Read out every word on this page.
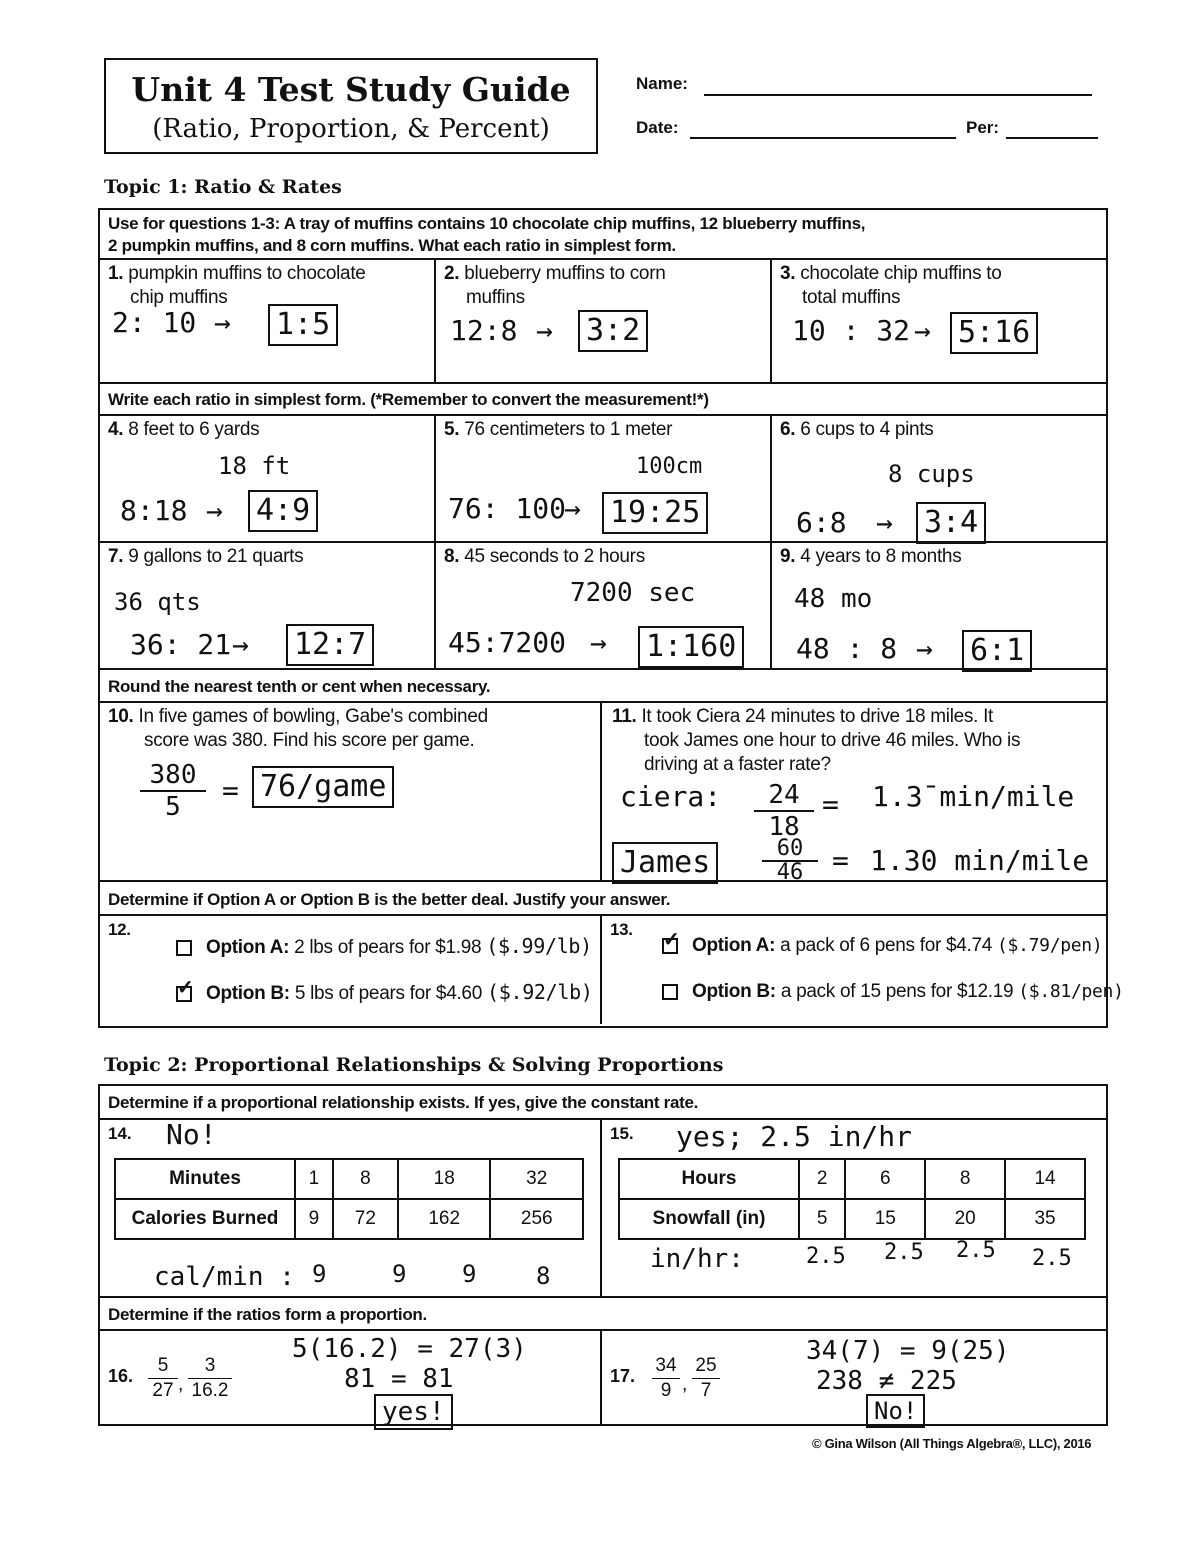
Unit 4 Test Study Guide
(Ratio, Proportion, & Percent)
Name:
Date:	Per:
Topic 1: Ratio & Rates
Use for questions 1-3: A tray of muffins contains 10 chocolate chip muffins, 12 blueberry muffins,
2 pumpkin muffins, and 8 corn muffins. What each ratio in simplest form.
1. pumpkin muffins to chocolate
chip muffins
2: 10 → 1:5
2. blueberry muffins to corn
muffins
12:8 → 3:2
3. chocolate chip muffins to
total muffins
10 : 32 → 5:16
Write each ratio in simplest form. (*Remember to convert the measurement!*)
4. 8 feet to 6 yards
18 ft
8:18 → 4:9
5. 76 centimeters to 1 meter
100cm
76: 100
→ 19:25
6. 6 cups to 4 pints
8 cups
6:8 → 3:4
7. 9 gallons to 21 quarts
36 qts
36: 21 → 12:7
8. 45 seconds to 2 hours
7200 sec
45:7200 → 1:160
9. 4 years to 8 months
48 mo
48 : 8 → 6:1
Round the nearest tenth or cent when necessary.
10. In five games of bowling, Gabe's combined
score was 380. Find his score per game.
$\frac{380}{5}$ = 76/game
11. It took Ciera 24 minutes to drive 18 miles. It
took James one hour to drive 46 miles. Who is
driving at a faster rate?
ciera: $\frac{24}{18}$ = 1.3̄ min/mile
James	$\frac{60}{46} = 1.30$ min/mile
Determine if Option A or Option B is the better deal. Justify your answer.
12.
Option A: 2 lbs of pears for $1.98 ($.99/lb)
✓ Option B: 5 lbs of pears for $4.60 ($.92/lb)
13. ✓ Option A: a pack of 6 pens for $4.74 ($.79/pen)
Option B: a pack of 15 pens for $12.19 ($.81/pen)
Topic 2: Proportional Relationships & Solving Proportions
Determine if a proportional relationship exists. If yes, give the constant rate.
14. No!
Minutes	1	8	18	32
Calories Burned	9	72	162	256
cal/min : 9	9 9 8
15. yes; 2.5 in/hr
Hours	2	6	8	14
Snowfall (in)	5	15	20	35
in/hr:	2.5 2.5 2.5 2.5
Determine if the ratios form a proportion.
16. $\frac{5}{27}$ , $\frac{3}{16.2}$
5(16.2) = 27(3)
81 = 81
yes!
17. $\frac{34}{9}$ , $\frac{25}{7}$
34(7) = 9(25)
238 ≠ 225
No!
© Gina Wilson (All Things Algebra®, LLC), 2016
